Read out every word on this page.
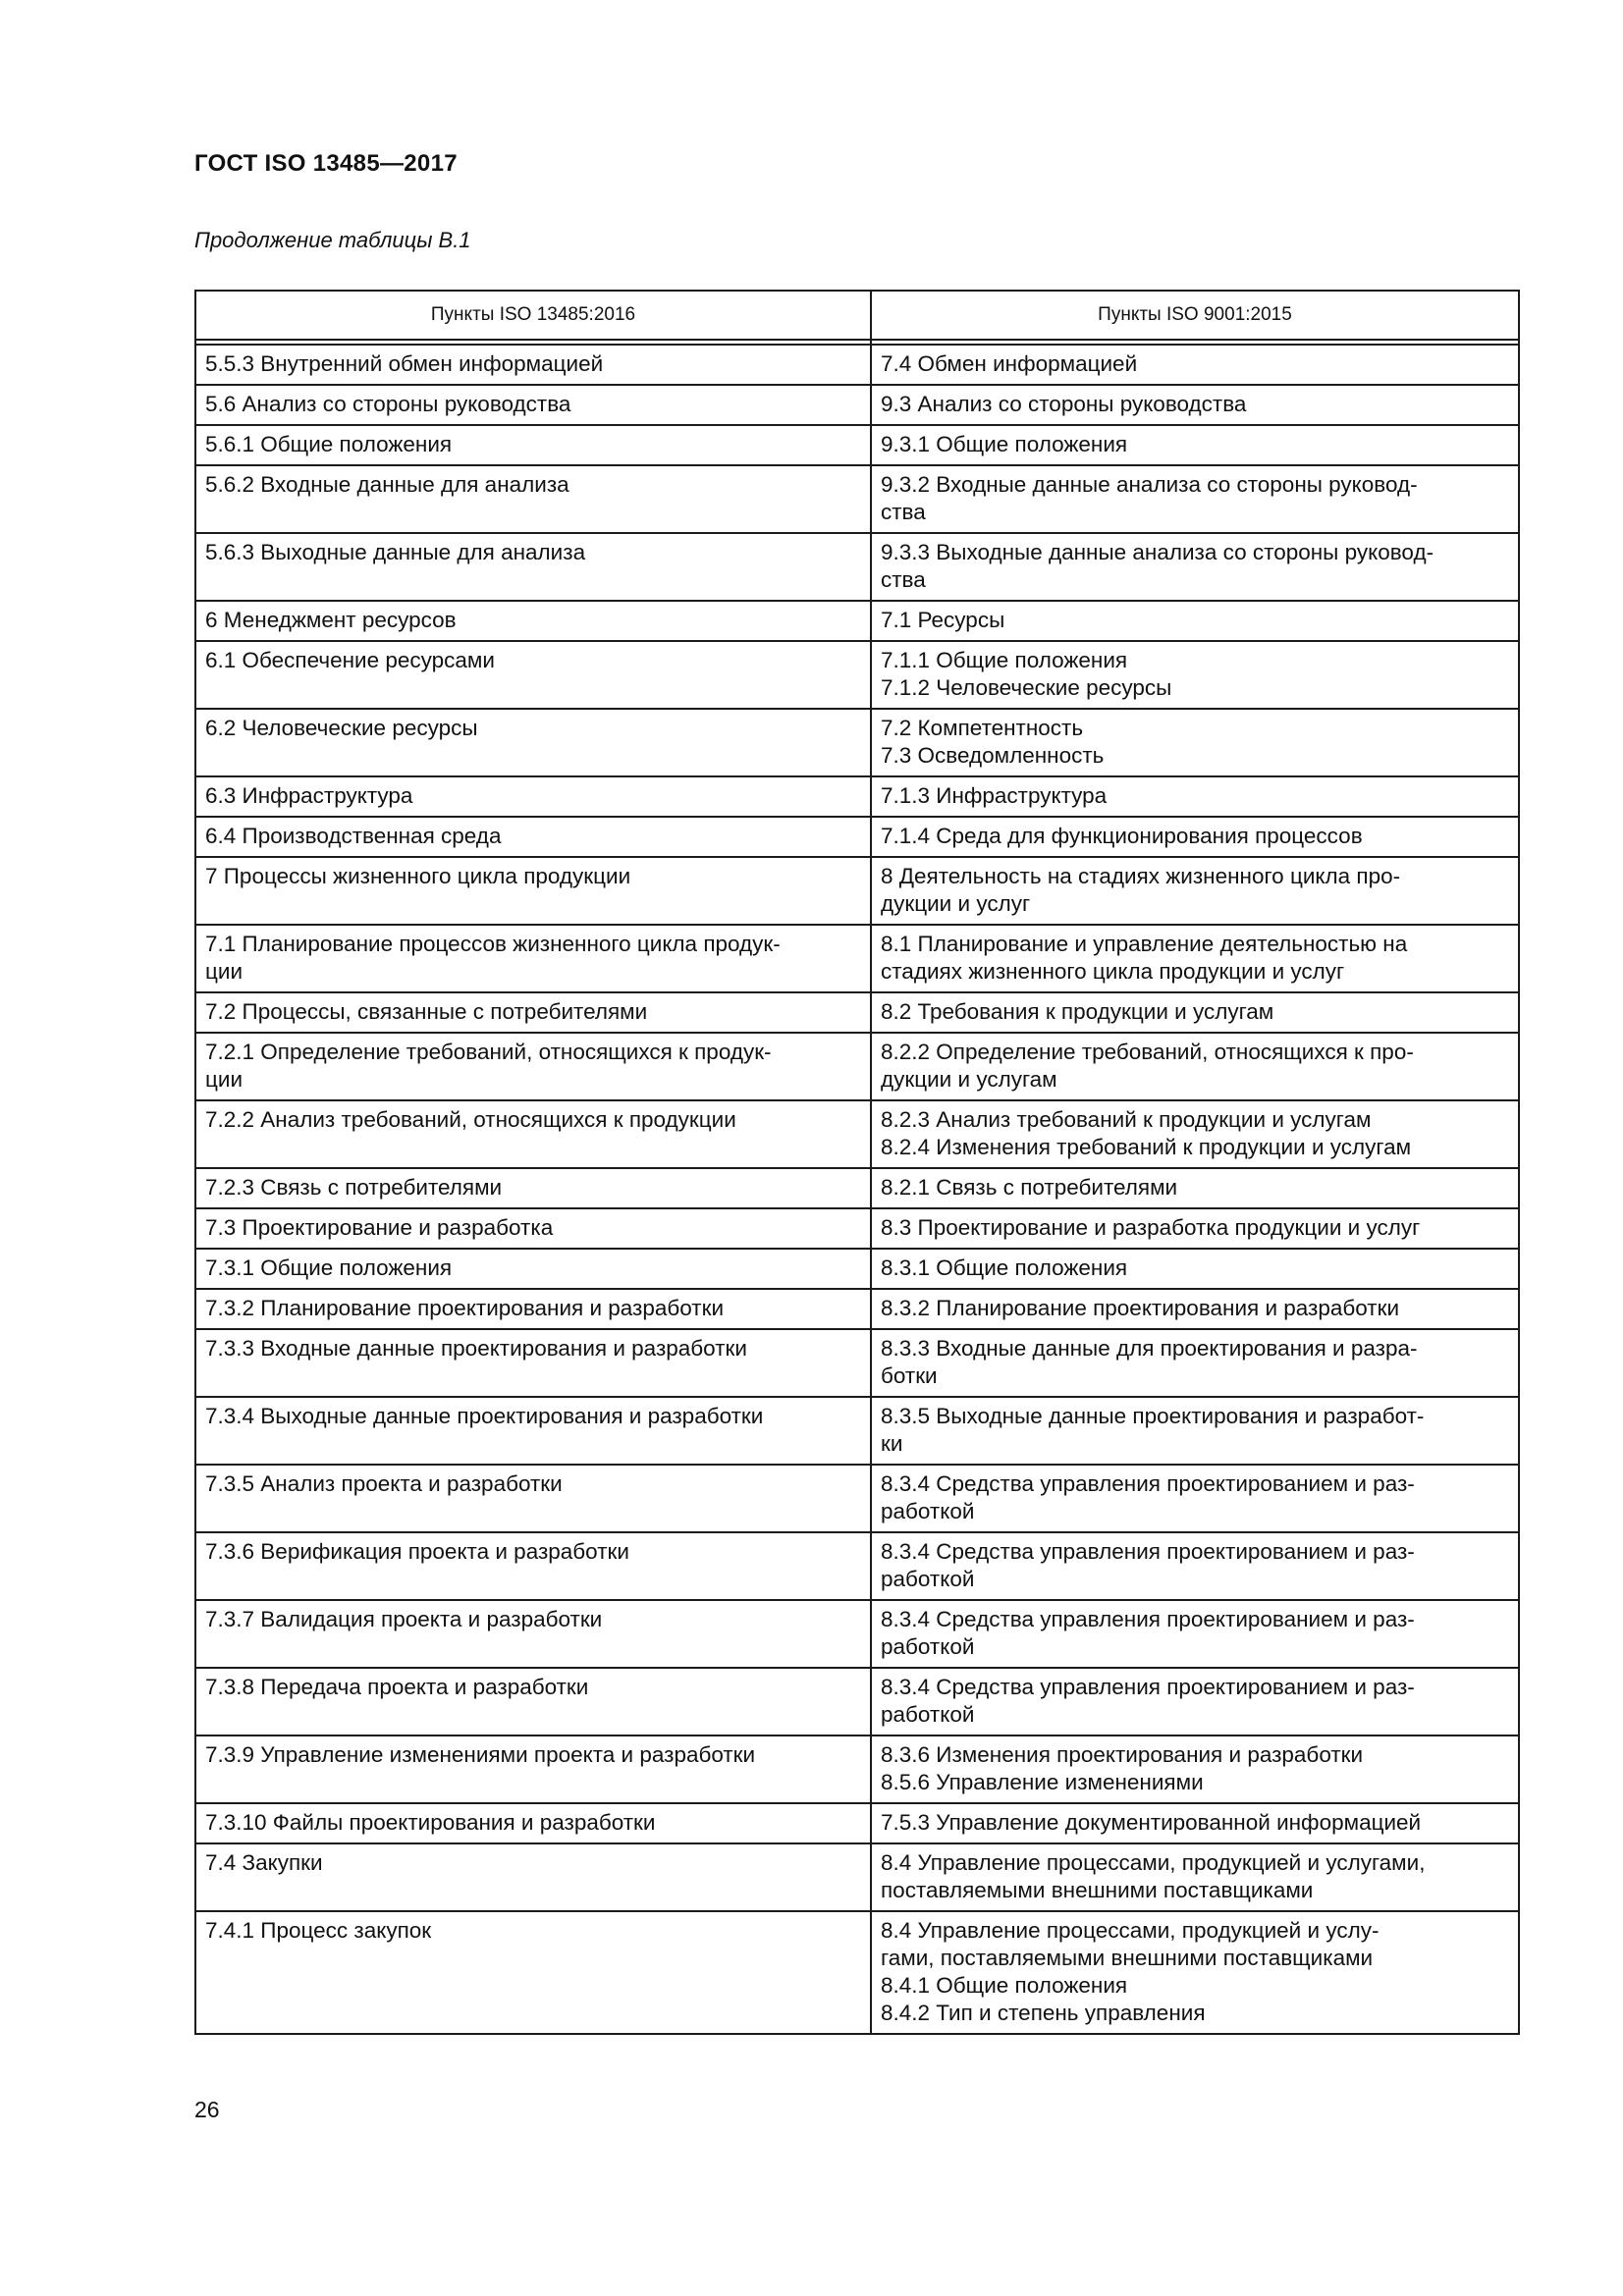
ГОСТ ISO 13485—2017
Продолжение таблицы В.1
Пункты ISO 13485:2016	Пункты ISO 9001:2015

5.5.3 Внутренний обмен информацией	7.4 Обмен информацией

5.6 Анализ со стороны руководства	9.3 Анализ со стороны руководства

5.6.1 Общие положения	9.3.1 Общие положения

5.6.2 Входные данные для анализа	9.3.2 Входные данные анализа со стороны руковод-
ства

5.6.3 Выходные данные для анализа	9.3.3 Выходные данные анализа со стороны руковод-
ства

6 Менеджмент ресурсов	7.1 Ресурсы

6.1 Обеспечение ресурсами	7.1.1 Общие положения
7.1.2 Человеческие ресурсы

6.2 Человеческие ресурсы	7.2 Компетентность
7.3 Осведомленность

6.3 Инфраструктура	7.1.3 Инфраструктура

6.4 Производственная среда	7.1.4 Среда для функционирования процессов

7 Процессы жизненного цикла продукции	8 Деятельность на стадиях жизненного цикла про-
дукции и услуг

7.1 Планирование процессов жизненного цикла продук-
ции	8.1 Планирование и управление деятельностью на
стадиях жизненного цикла продукции и услуг

7.2 Процессы, связанные с потребителями	8.2 Требования к продукции и услугам

7.2.1 Определение требований, относящихся к продук-
ции	8.2.2 Определение требований, относящихся к про-
дукции и услугам

7.2.2 Анализ требований, относящихся к продукции	8.2.3 Анализ требований к продукции и услугам
8.2.4 Изменения требований к продукции и услугам

7.2.3 Связь с потребителями	8.2.1 Связь с потребителями

7.3 Проектирование и разработка	8.3 Проектирование и разработка продукции и услуг

7.3.1 Общие положения	8.3.1 Общие положения

7.3.2 Планирование проектирования и разработки	8.3.2 Планирование проектирования и разработки

7.3.3 Входные данные проектирования и разработки	8.3.3 Входные данные для проектирования и разра-
ботки

7.3.4 Выходные данные проектирования и разработки	8.3.5 Выходные данные проектирования и разработ-
ки

7.3.5 Анализ проекта и разработки	8.3.4 Средства управления проектированием и раз-
работкой

7.3.6 Верификация проекта и разработки	8.3.4 Средства управления проектированием и раз-
работкой

7.3.7 Валидация проекта и разработки	8.3.4 Средства управления проектированием и раз-
работкой

7.3.8 Передача проекта и разработки	8.3.4 Средства управления проектированием и раз-
работкой

7.3.9 Управление изменениями проекта и разработки	8.3.6 Изменения проектирования и разработки
8.5.6 Управление изменениями

7.3.10 Файлы проектирования и разработки	7.5.3 Управление документированной информацией

7.4 Закупки	8.4 Управление процессами, продукцией и услугами,
поставляемыми внешними поставщиками

7.4.1 Процесс закупок	8.4 Управление процессами, продукцией и услу-
гами, поставляемыми внешними поставщиками
8.4.1 Общие положения
8.4.2 Тип и степень управления
26
